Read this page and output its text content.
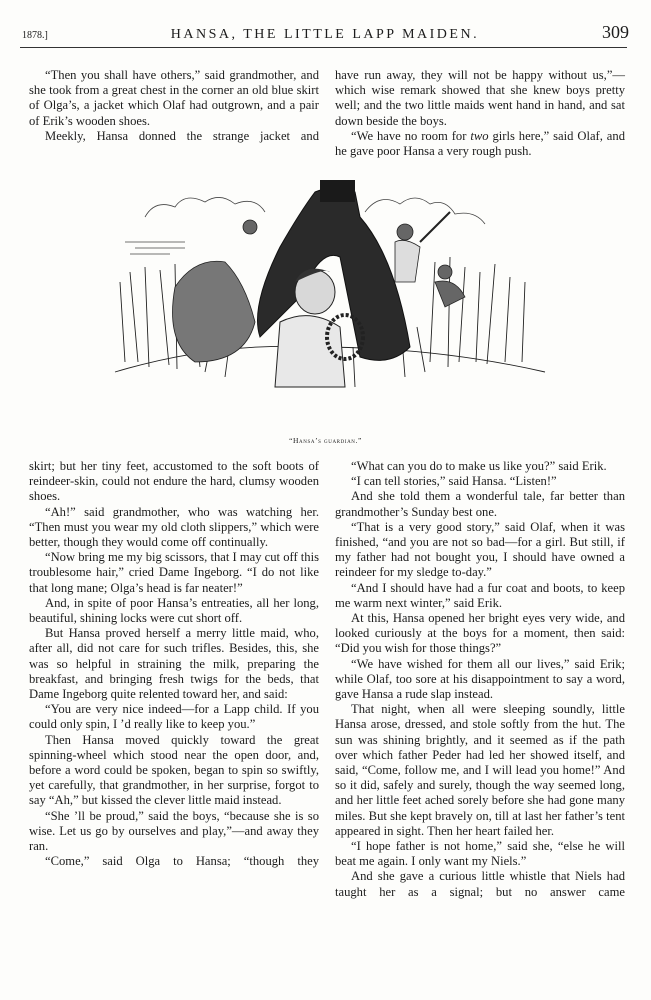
1878.]	HANSA, THE LITTLE LAPP MAIDEN.	309

“Then you shall have others,” said grandmother, and she took from a great chest in the corner an old blue skirt of Olga’s, a jacket which Olaf had outgrown, and a pair of Erik’s wooden shoes.

Meekly, Hansa donned the strange jacket and

have run away, they will not be happy without us,”—which wise remark showed that she knew boys pretty well; and the two little maids went hand in hand, and sat down beside the boys.

“We have no room for two girls here,” said Olaf, and he gave poor Hansa a very rough push.

“Hansa’s guardian.”

skirt; but her tiny feet, accustomed to the soft boots of reindeer-skin, could not endure the hard, clumsy wooden shoes.

“Ah!” said grandmother, who was watching her. “Then must you wear my old cloth slippers,” which were better, though they would come off continually.

“Now bring me my big scissors, that I may cut off this troublesome hair,” cried Dame Ingeborg. “I do not like that long mane; Olga’s head is far neater!”

And, in spite of poor Hansa’s entreaties, all her long, beautiful, shining locks were cut short off.

But Hansa proved herself a merry little maid, who, after all, did not care for such trifles. Besides, this, she was so helpful in straining the milk, preparing the breakfast, and bringing fresh twigs for the beds, that Dame Ingeborg quite relented toward her, and said:

“You are very nice indeed—for a Lapp child. If you could only spin, I ’d really like to keep you.”

Then Hansa moved quickly toward the great spinning-wheel which stood near the open door, and, before a word could be spoken, began to spin so swiftly, yet carefully, that grandmother, in her surprise, forgot to say “Ah,” but kissed the clever little maid instead.

“She ’ll be proud,” said the boys, “because she is so wise. Let us go by ourselves and play,”—and away they ran.

“Come,” said Olga to Hansa; “though they

“What can you do to make us like you?” said Erik.

“I can tell stories,” said Hansa. “Listen!”

And she told them a wonderful tale, far better than grandmother’s Sunday best one.

“That is a very good story,” said Olaf, when it was finished, “and you are not so bad—for a girl. But still, if my father had not bought you, I should have owned a reindeer for my sledge to-day.”

“And I should have had a fur coat and boots, to keep me warm next winter,” said Erik.

At this, Hansa opened her bright eyes very wide, and looked curiously at the boys for a moment, then said: “Did you wish for those things?”

“We have wished for them all our lives,” said Erik; while Olaf, too sore at his disappointment to say a word, gave Hansa a rude slap instead.

That night, when all were sleeping soundly, little Hansa arose, dressed, and stole softly from the hut. The sun was shining brightly, and it seemed as if the path over which father Peder had led her showed itself, and said, “Come, follow me, and I will lead you home!” And so it did, safely and surely, though the way seemed long, and her little feet ached sorely before she had gone many miles. But she kept bravely on, till at last her father’s tent appeared in sight. Then her heart failed her.

“I hope father is not home,” said she, “else he will beat me again. I only want my Niels.”

And she gave a curious little whistle that Niels had taught her as a signal; but no answer came
